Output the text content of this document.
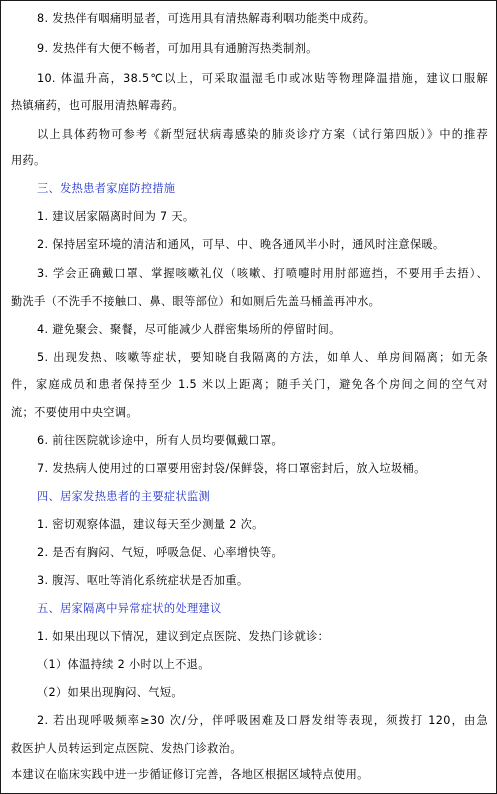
8. 发热伴有咽痛明显者，可选用具有清热解毒利咽功能类中成药。
9. 发热伴有大便不畅者，可加用具有通腑泻热类制剂。
10. 体温升高，38.5℃以上，可采取温湿毛巾或冰贴等物理降温措施，建议口服解
热镇痛药，也可服用清热解毒药。
以上具体药物可参考《新型冠状病毒感染的肺炎诊疗方案（试行第四版）》中的推荐
用药。
三、发热患者家庭防控措施
1. 建议居家隔离时间为 7 天。
2. 保持居室环境的清洁和通风，可早、中、晚各通风半小时，通风时注意保暖。
3. 学会正确戴口罩、掌握咳嗽礼仪（咳嗽、打喷嚏时用肘部遮挡，不要用手去捂）、
勤洗手（不洗手不接触口、鼻、眼等部位）和如厕后先盖马桶盖再冲水。
4. 避免聚会、聚餐，尽可能减少人群密集场所的停留时间。
5. 出现发热、咳嗽等症状，要知晓自我隔离的方法，如单人、单房间隔离；如无条
件，家庭成员和患者保持至少 1.5 米以上距离；随手关门，避免各个房间之间的空气对
流；不要使用中央空调。
6. 前往医院就诊途中，所有人员均要佩戴口罩。
7. 发热病人使用过的口罩要用密封袋/保鲜袋，将口罩密封后，放入垃圾桶。
四、居家发热患者的主要症状监测
1. 密切观察体温，建议每天至少测量 2 次。
2. 是否有胸闷、气短，呼吸急促、心率增快等。
3. 腹泻、呕吐等消化系统症状是否加重。
五、居家隔离中异常症状的处理建议
1. 如果出现以下情况，建议到定点医院、发热门诊就诊：
（1）体温持续 2 小时以上不退。
（2）如果出现胸闷、气短。
2. 若出现呼吸频率≥30 次/分，伴呼吸困难及口唇发绀等表现，须拨打 120，由急
救医护人员转运到定点医院、发热门诊救治。
本建议在临床实践中进一步循证修订完善，各地区根据区域特点使用。
